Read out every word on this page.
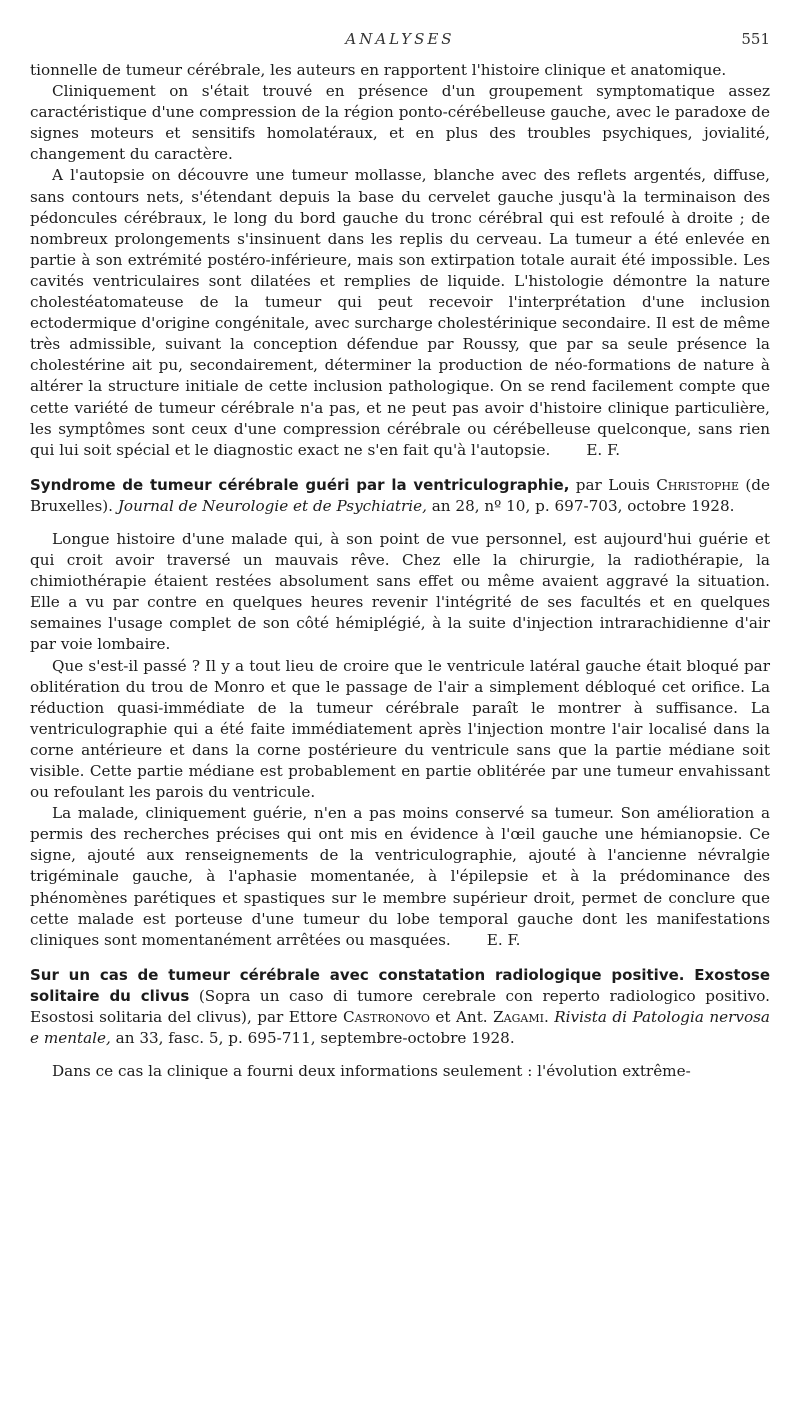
ANALYSES	551

tionnelle de tumeur cérébrale, les auteurs en rapportent l'histoire clinique et anatomique.

Cliniquement on s'était trouvé en présence d'un groupement symptomatique assez caractéristique d'une compression de la région ponto-cérébelleuse gauche, avec le paradoxe de signes moteurs et sensitifs homolatéraux, et en plus des troubles psychiques, jovialité, changement du caractère.

A l'autopsie on découvre une tumeur mollasse, blanche avec des reflets argentés, diffuse, sans contours nets, s'étendant depuis la base du cervelet gauche jusqu'à la terminaison des pédoncules cérébraux, le long du bord gauche du tronc cérébral qui est refoulé à droite ; de nombreux prolongements s'insinuent dans les replis du cerveau. La tumeur a été enlevée en partie à son extrémité postéro-inférieure, mais son extirpation totale aurait été impossible. Les cavités ventriculaires sont dilatées et remplies de liquide. L'histologie démontre la nature cholestéatomateuse de la tumeur qui peut recevoir l'interprétation d'une inclusion ectodermique d'origine congénitale, avec surcharge cholestérinique secondaire. Il est de même très admissible, suivant la conception défendue par Roussy, que par sa seule présence la cholestérine ait pu, secondairement, déterminer la production de néo-formations de nature à altérer la structure initiale de cette inclusion pathologique. On se rend facilement compte que cette variété de tumeur cérébrale n'a pas, et ne peut pas avoir d'histoire clinique particulière, les symptômes sont ceux d'une compression cérébrale ou cérébelleuse quelconque, sans rien qui lui soit spécial et le diagnostic exact ne s'en fait qu'à l'autopsie. E. F.

Syndrome de tumeur cérébrale guéri par la ventriculographie, par Louis Christophe (de Bruxelles). Journal de Neurologie et de Psychiatrie, an 28, nº 10, p. 697-703, octobre 1928.

Longue histoire d'une malade qui, à son point de vue personnel, est aujourd'hui guérie et qui croit avoir traversé un mauvais rêve. Chez elle la chirurgie, la radiothérapie, la chimiothérapie étaient restées absolument sans effet ou même avaient aggravé la situation. Elle a vu par contre en quelques heures revenir l'intégrité de ses facultés et en quelques semaines l'usage complet de son côté hémiplégié, à la suite d'injection intrarachidienne d'air par voie lombaire.

Que s'est-il passé ? Il y a tout lieu de croire que le ventricule latéral gauche était bloqué par oblitération du trou de Monro et que le passage de l'air a simplement débloqué cet orifice. La réduction quasi-immédiate de la tumeur cérébrale paraît le montrer à suffisance. La ventriculographie qui a été faite immédiatement après l'injection montre l'air localisé dans la corne antérieure et dans la corne postérieure du ventricule sans que la partie médiane soit visible. Cette partie médiane est probablement en partie oblitérée par une tumeur envahissant ou refoulant les parois du ventricule.

La malade, cliniquement guérie, n'en a pas moins conservé sa tumeur. Son amélioration a permis des recherches précises qui ont mis en évidence à l'œil gauche une hémianopsie. Ce signe, ajouté aux renseignements de la ventriculographie, ajouté à l'ancienne névralgie trigéminale gauche, à l'aphasie momentanée, à l'épilepsie et à la prédominance des phénomènes parétiques et spastiques sur le membre supérieur droit, permet de conclure que cette malade est porteuse d'une tumeur du lobe temporal gauche dont les manifestations cliniques sont momentanément arrêtées ou masquées. E. F.

Sur un cas de tumeur cérébrale avec constatation radiologique positive. Exostose solitaire du clivus (Sopra un caso di tumore cerebrale con reperto radiologico positivo. Esostosi solitaria del clivus), par Ettore Castronovo et Ant. Zagami. Rivista di Patologia nervosa e mentale, an 33, fasc. 5, p. 695-711, septembre-octobre 1928.

Dans ce cas la clinique a fourni deux informations seulement : l'évolution extrême-
